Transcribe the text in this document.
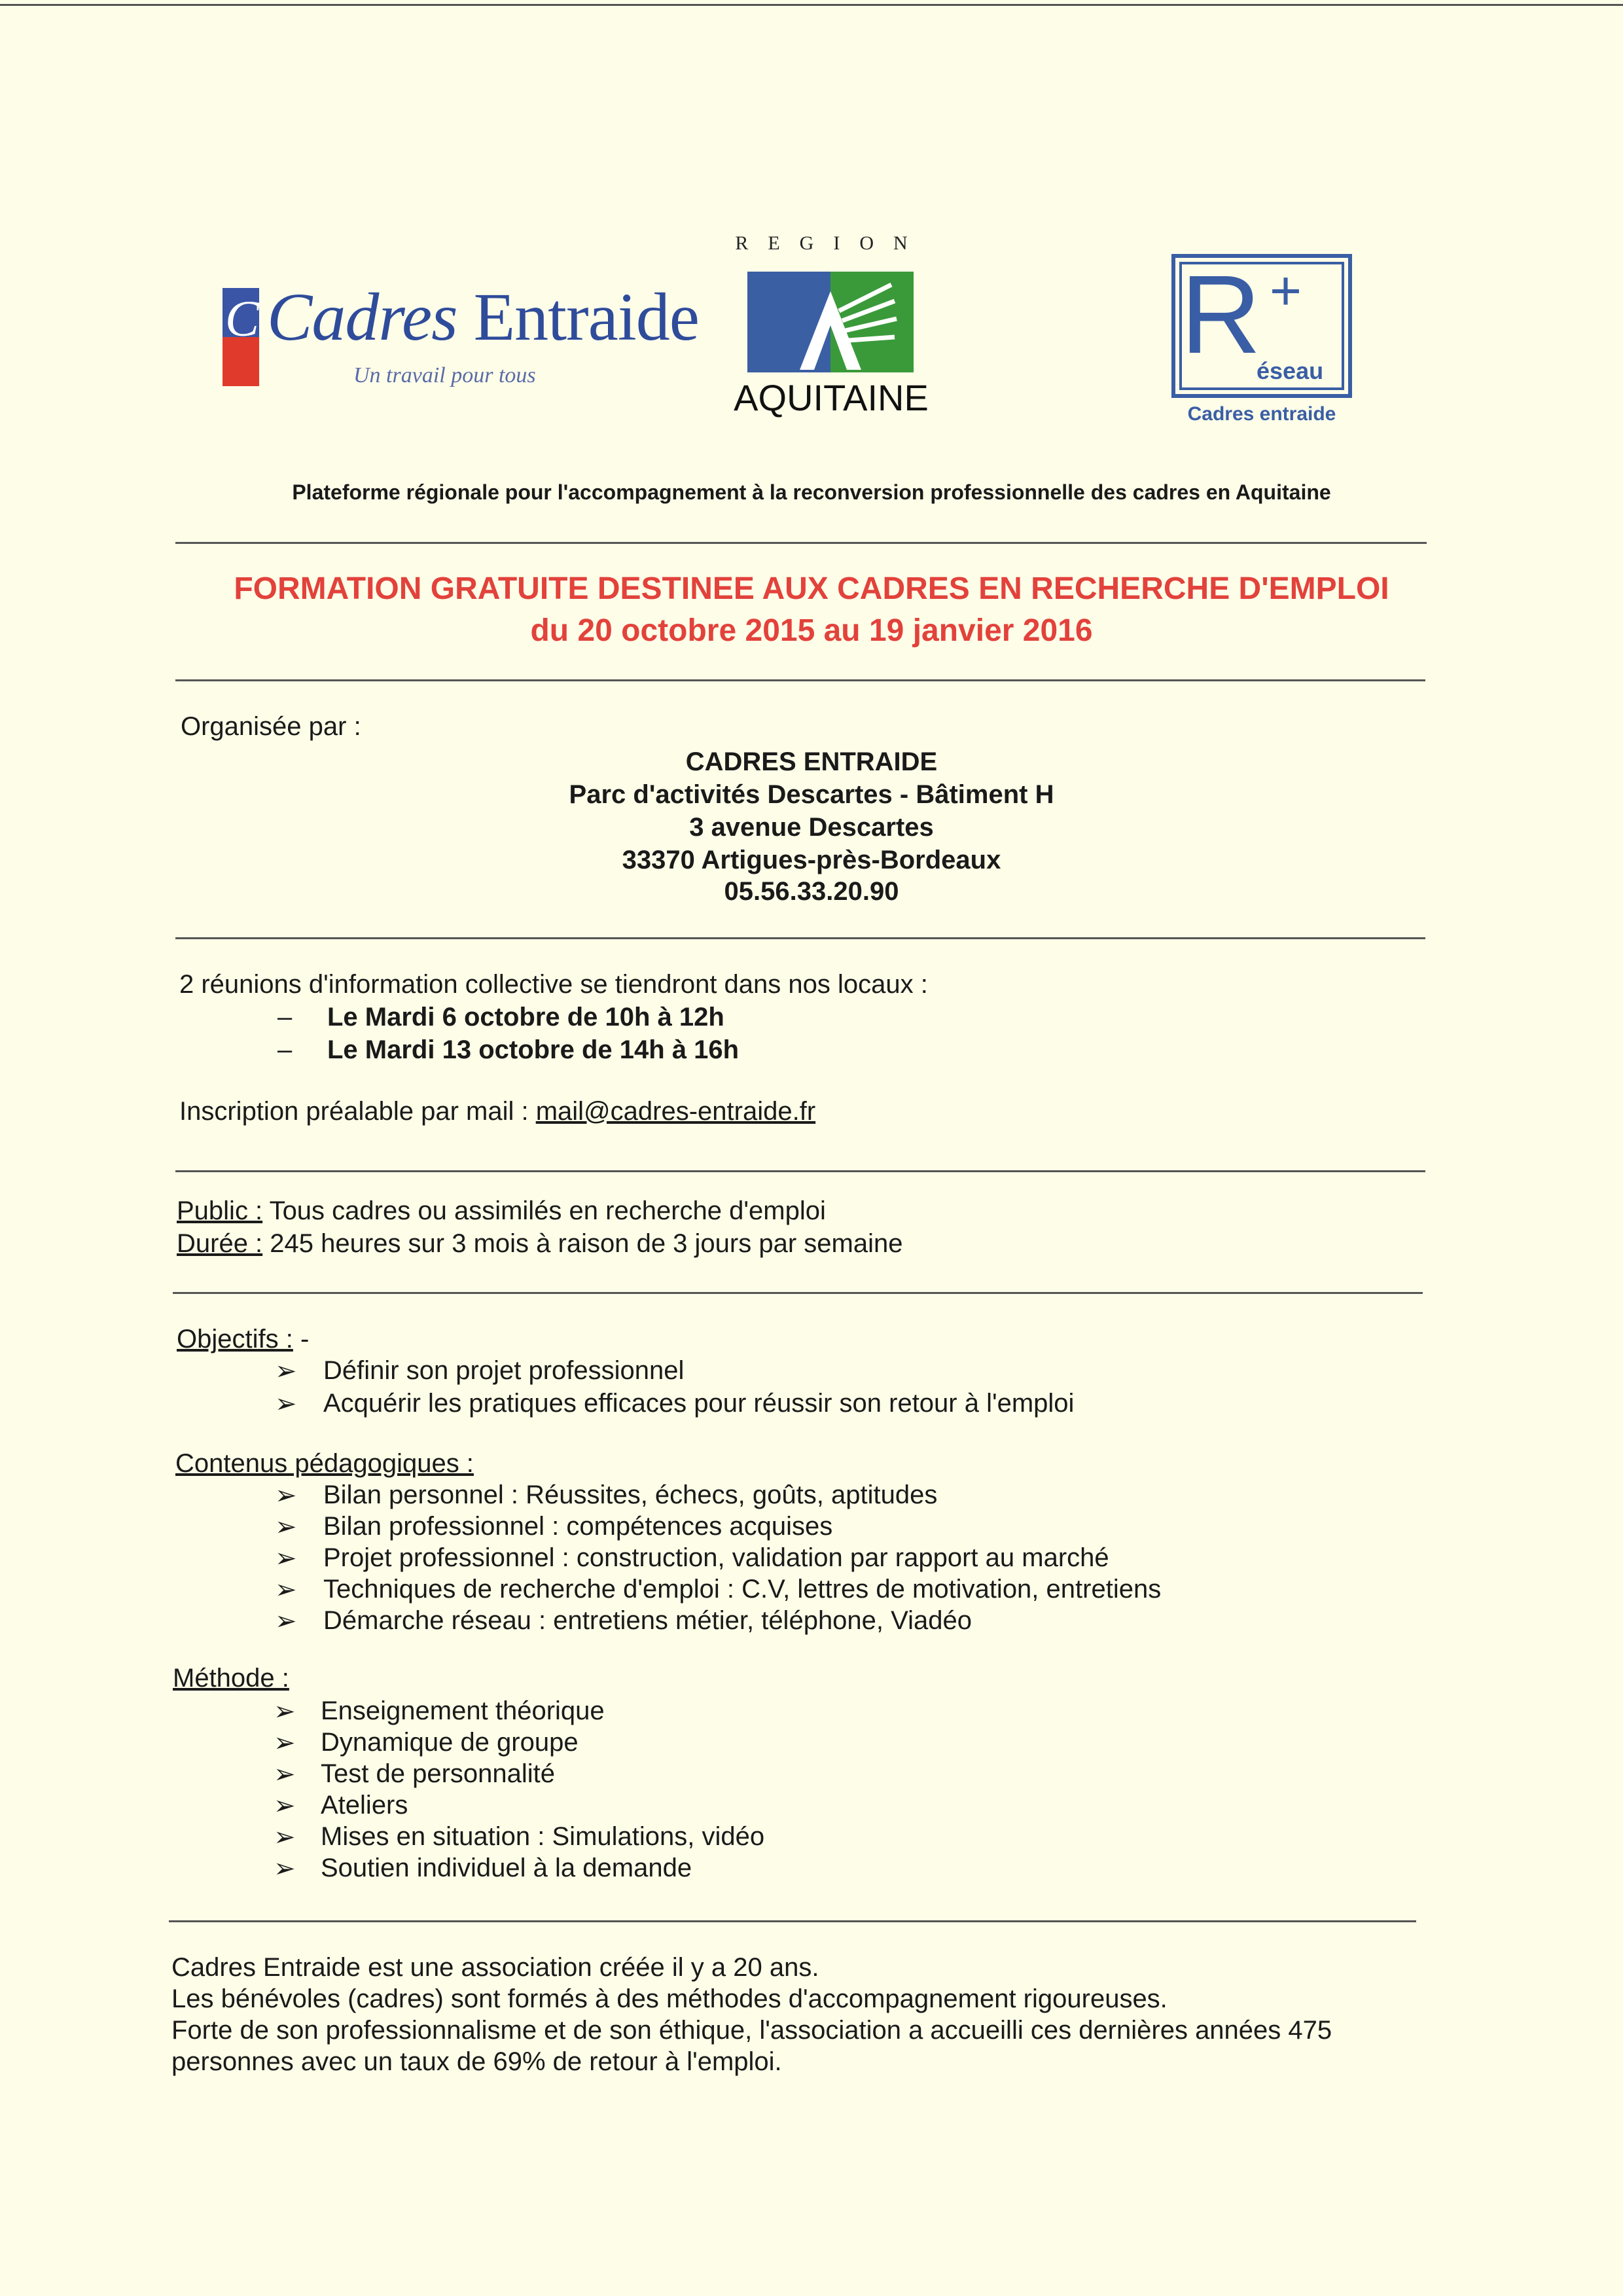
C Cadres Entraide
Un travail pour tous
REGION
AQUITAINE
R +
éseau
Cadres entraide
Plateforme régionale pour l'accompagnement à la reconversion professionnelle des cadres en Aquitaine
FORMATION GRATUITE DESTINEE AUX CADRES EN RECHERCHE D'EMPLOI
du 20 octobre 2015 au 19 janvier 2016
Organisée par :
CADRES ENTRAIDE
Parc d'activités Descartes - Bâtiment H
3 avenue Descartes
33370 Artigues-près-Bordeaux
05.56.33.20.90
2 réunions d'information collective se tiendront dans nos locaux :
– Le Mardi 6 octobre de 10h à 12h
– Le Mardi 13 octobre de 14h à 16h
Inscription préalable par mail : mail@cadres-entraide.fr
Public : Tous cadres ou assimilés en recherche d'emploi
Durée : 245 heures sur 3 mois à raison de 3 jours par semaine
Objectifs : -
➢ Définir son projet professionnel
➢ Acquérir les pratiques efficaces pour réussir son retour à l'emploi
Contenus pédagogiques :
➢ Bilan personnel : Réussites, échecs, goûts, aptitudes
➢ Bilan professionnel : compétences acquises
➢ Projet professionnel : construction, validation par rapport au marché
➢ Techniques de recherche d'emploi : C.V, lettres de motivation, entretiens
➢ Démarche réseau : entretiens métier, téléphone, Viadéo
Méthode :
➢ Enseignement théorique
➢ Dynamique de groupe
➢ Test de personnalité
➢ Ateliers
➢ Mises en situation : Simulations, vidéo
➢ Soutien individuel à la demande
Cadres Entraide est une association créée il y a 20 ans.
Les bénévoles (cadres) sont formés à des méthodes d'accompagnement rigoureuses.
Forte de son professionnalisme et de son éthique, l'association a accueilli ces dernières années 475
personnes avec un taux de 69% de retour à l'emploi.
